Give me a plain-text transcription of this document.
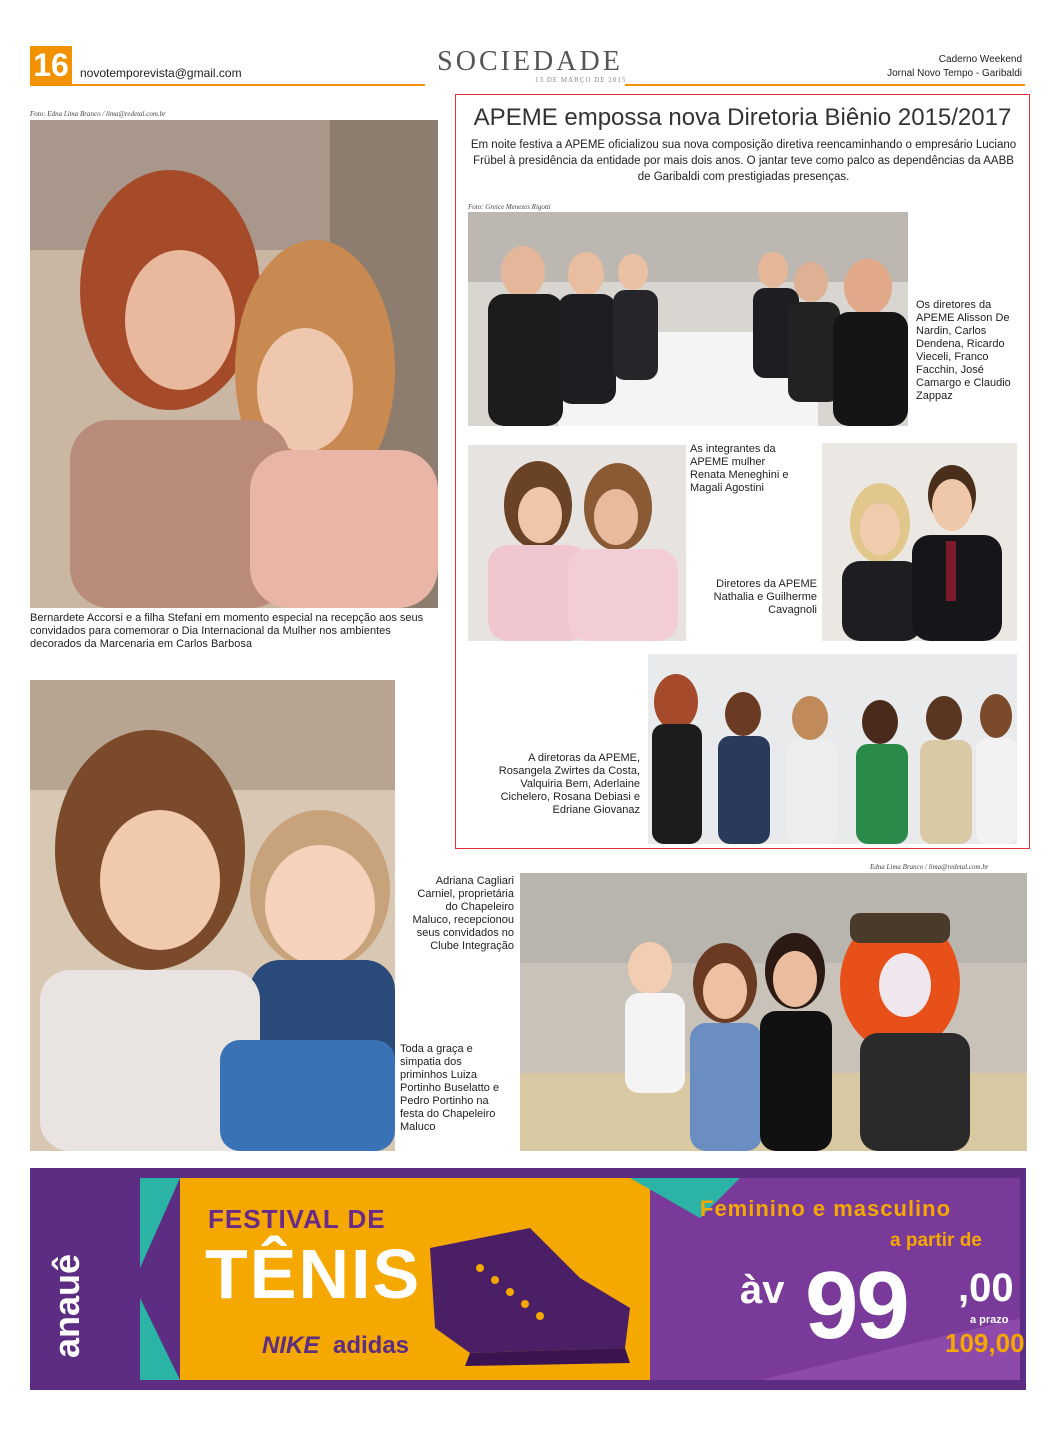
16 novotemporevista@gmail.com	SOCIEDADE
13 DE MARÇO DE 2015
Caderno Weekend
Jornal Novo Tempo - Garibaldi
Foto: Edna Lima Branco / lima@redetal.com.br
Bernardete Accorsi e a filha Stefani em momento especial na recepção aos seus convidados para comemorar o Dia Internacional da Mulher nos ambientes decorados da Marcenaria em Carlos Barbosa
Toda a graça e simpatia dos priminhos Luiza Portinho Buselatto e Pedro Portinho na festa do Chapeleiro Maluco
APEME empossa nova Diretoria Biênio 2015/2017
Em noite festiva a APEME oficializou sua nova composição diretiva reencaminhando o empresário Luciano Frübel à presidência da entidade por mais dois anos. O jantar teve como palco as dependências da AABB de Garibaldi com prestigiadas presenças.
Foto: Greice Menezes Rigotti
Os diretores da APEME Alisson De Nardin, Carlos Dendena, Ricardo Vieceli, Franco Facchin, José Camargo e Claudio Zappaz
As integrantes da APEME mulher Renata Meneghini e Magali Agostini
Diretores da APEME Nathalia e Guilherme Cavagnoli
A diretoras da APEME, Rosangela Zwirtes da Costa, Valquiria Bem, Aderlaine Cichelero, Rosana Debiasi e Edriane Giovanaz
Edna Lima Branco / lima@redetal.com.br
Adriana Cagliari Carniel, proprietária do Chapeleiro Maluco, recepcionou seus convidados no Clube Integração
anauê
FESTIVAL DE
TÊNIS
NIKE adidas
Feminino e masculino
a partir de
àv 99 ,00
a prazo
109,00
